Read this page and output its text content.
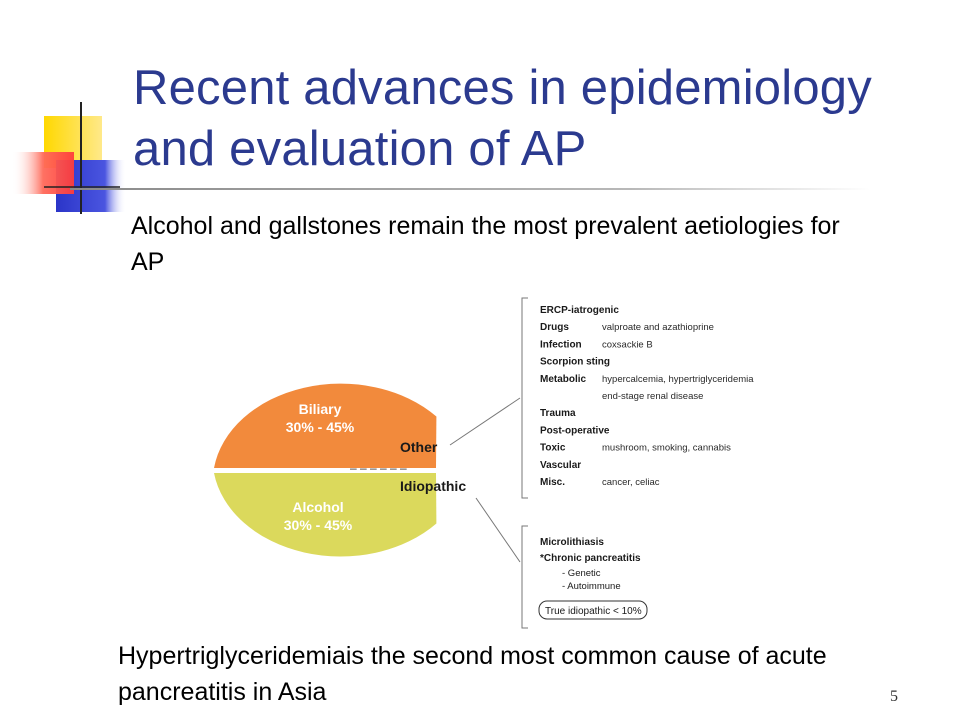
Recent advances in epidemiology and evaluation of AP
Alcohol and gallstones remain the most prevalent aetiologies for AP
Biliary
30% - 45%
Alcohol
30% - 45%
Other
– – – – – –
Idiopathic
ERCP-iatrogenic
Drugs	valproate and azathioprine
Infection coxsackie B
Scorpion sting
Metabolic hypercalcemia, hypertriglyceridemia
end-stage renal disease
Trauma
Post-operative
Toxic	mushroom, smoking, cannabis
Vascular
Misc.	cancer, celiac
Microlithiasis
*Chronic pancreatitis
- Genetic
- Autoimmune
True idiopathic < 10%
Hypertriglyceridemiais the second most common cause of acute pancreatitis in Asia	5
